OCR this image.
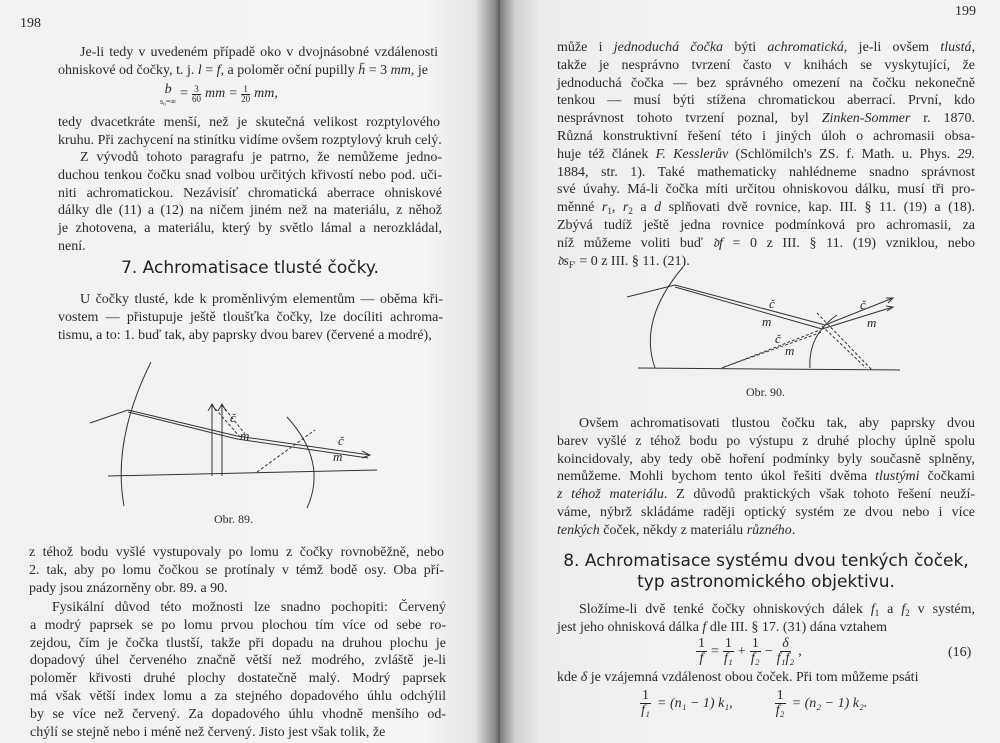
198
Je-li tedy v uvedeném případě oko v dvojnásobné vzdálenosti
ohniskové od čočky, t. j. l = f, a poloměr oční pupilly h̄ = 3 mm, je
b
s₀=∞
= $\frac{3}{60}$ mm = $\frac{1}{20}$ mm,
tedy dvacetkráte menší, než je skutečná velikost rozptylového
kruhu. Při zachycení na stinítku vidíme ovšem rozptylový kruh celý.
Z vývodů tohoto paragrafu je patrno, že nemůžeme jedno-
duchou tenkou čočku snad volbou určitých křivostí nebo pod. uči-
niti achromatickou. Nezávisíť chromatická aberrace ohniskové
dálky dle (11) a (12) na ničem jiném než na materiálu, z něhož
je zhotovena, a materiálu, který by světlo lámal a nerozkládal,
není.
7. Achromatisace tlusté čočky.
U čočky tlusté, kde k proměnlivým elementům — oběma kři-
vostem — přistupuje ještě tloušťka čočky, lze docíliti achroma-
tismu, a to: 1. buď tak, aby paprsky dvou barev (červené a modré),
č
m	č
m
Obr. 89.
z téhož bodu vyšlé vystupovaly po lomu z čočky rovnoběžně, nebo
2. tak, aby po lomu čočkou se protínaly v témž bodě osy. Oba pří-
pady jsou znázorněny obr. 89. a 90.
Fysikální důvod této možnosti lze snadno pochopiti: Červený
a modrý paprsek se po lomu prvou plochou tím více od sebe ro-
zejdou, čím je čočka tlustší, takže při dopadu na druhou plochu je
dopadový úhel červeného značně větší než modrého, zvláště je-li
poloměr křivosti druhé plochy dostatečně malý. Modrý paprsek
má však větší index lomu a za stejného dopadového úhlu odchýlil
by se více než červený. Za dopadového úhlu vhodně menšího od-
chýlí se stejně nebo i méně než červený. Jisto jest však tolik, že
199
může i jednoduchá čočka býti achromatická, je-li ovšem tlustá,
takže je nesprávno tvrzení často v knihách se vyskytující, že
jednoduchá čočka — bez správného omezení na čočku nekonečně
tenkou — musí býti stížena chromatickou aberrací. První, kdo
nesprávnost tohoto tvrzení poznal, byl Zinken-Sommer r. 1870.
Různá konstruktivní řešení této i jiných úloh o achromasii obsa-
huje též článek F. Kesslerův (Schlömilch's ZS. f. Math. u. Phys. 29.
1884, str. 1). Také mathematicky nahlédneme snadno správnost
své úvahy. Má-li čočka míti určitou ohniskovou dálku, musí tři pro-
měnné $r_1$, $r_2$ a d splňovati dvě rovnice, kap. III. § 11. (19) a (18).
Zbývá tudíž ještě jedna rovnice podmínková pro achromasii, za
níž můžeme voliti buď 𝔡f = 0 z III. § 11. (19) vzniklou, nebo
𝔡s$_{F'}$ = 0 z III. § 11. (21).
č
m
č
m
č
m
Obr. 90.
Ovšem achromatisovati tlustou čočku tak, aby paprsky dvou
barev vyšlé z téhož bodu po výstupu z druhé plochy úplně spolu
koincidovaly, aby tedy obě hoření podmínky byly současně splněny,
nemůžeme. Mohli bychom tento úkol řešiti dvěma tlustými čočkami
z téhož materiálu. Z důvodů praktických však tohoto řešení neuží-
váme, nýbrž skládáme raději optický systém ze dvou nebo i více
tenkých čoček, někdy z materiálu různého.
8. Achromatisace systému dvou tenkých čoček,
typ astronomického objektivu.
Složíme-li dvě tenké čočky ohniskových dálek $f_1$ a $f_2$ v systém,
jest jeho ohnisková dálka f dle III. § 17. (31) dána vztahem
$\frac{1}{f} = \frac{1}{\text{f₁}} + \frac{1}{\text{f₂}} - \frac{\delta}{\text{f₁f₂}}$ ,	(16)
kde δ je vzájemná vzdálenost obou čoček. Při tom můžeme psáti
$\frac{1}{\text{f₁}} = (n_1 - 1)$ k₁,	$\frac{1}{\text{f₂}} = (n_2 - 1)$ k₂.
